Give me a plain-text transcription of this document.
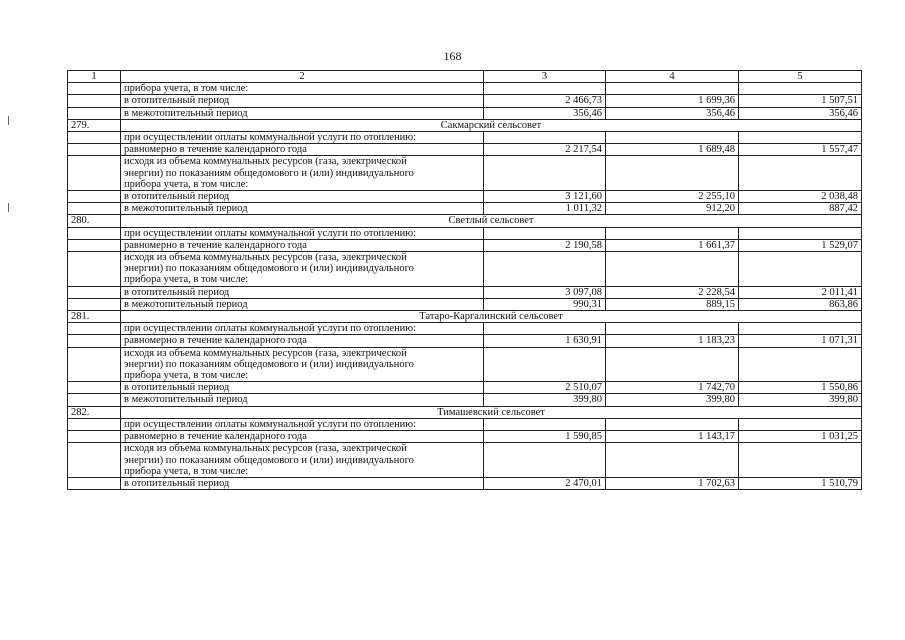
168
1	2	3	4	5
	прибора учета, в том числе:			
	в отопительный период	2 466,73	1 699,36	1 507,51
	в межотопительный период	356,46	356,46	356,46
279.	Сакмарский сельсовет			
	при осуществлении оплаты коммунальной услуги по отоплению:			
	равномерно в течение календарного года	2 217,54	1 689,48	1 557,47

	исходя из объема коммунальных ресурсов (газа, электрической
энергии) по показаниям общедомового и (или) индивидуального
прибора учета, в том числе:			

	в отопительный период	3 121,60	2 255,10	2 038,48
	в межотопительный период	1 011,32	912,20	887,42
280.	Светлый сельсовет			
	при осуществлении оплаты коммунальной услуги по отоплению:			
	равномерно в течение календарного года	2 190,58	1 661,37	1 529,07

	исходя из объема коммунальных ресурсов (газа, электрической
энергии) по показаниям общедомового и (или) индивидуального
прибора учета, в том числе:			

	в отопительный период	3 097,08	2 228,54	2 011,41
	в межотопительный период	990,31	889,15	863,86
281.	Татаро-Каргалинский сельсовет			
	при осуществлении оплаты коммунальной услуги по отоплению:			
	равномерно в течение календарного года	1 630,91	1 183,23	1 071,31

	исходя из объема коммунальных ресурсов (газа, электрической
энергии) по показаниям общедомового и (или) индивидуального
прибора учета, в том числе:			

	в отопительный период	2 510,07	1 742,70	1 550,86
	в межотопительный период	399,80	399,80	399,80
282.	Тимашевский сельсовет			
	при осуществлении оплаты коммунальной услуги по отоплению:			
	равномерно в течение календарного года	1 590,85	1 143,17	1 031,25

	исходя из объема коммунальных ресурсов (газа, электрической
энергии) по показаниям общедомового и (или) индивидуального
прибора учета, в том числе:			

	в отопительный период	2 470,01	1 702,63	1 510,79
